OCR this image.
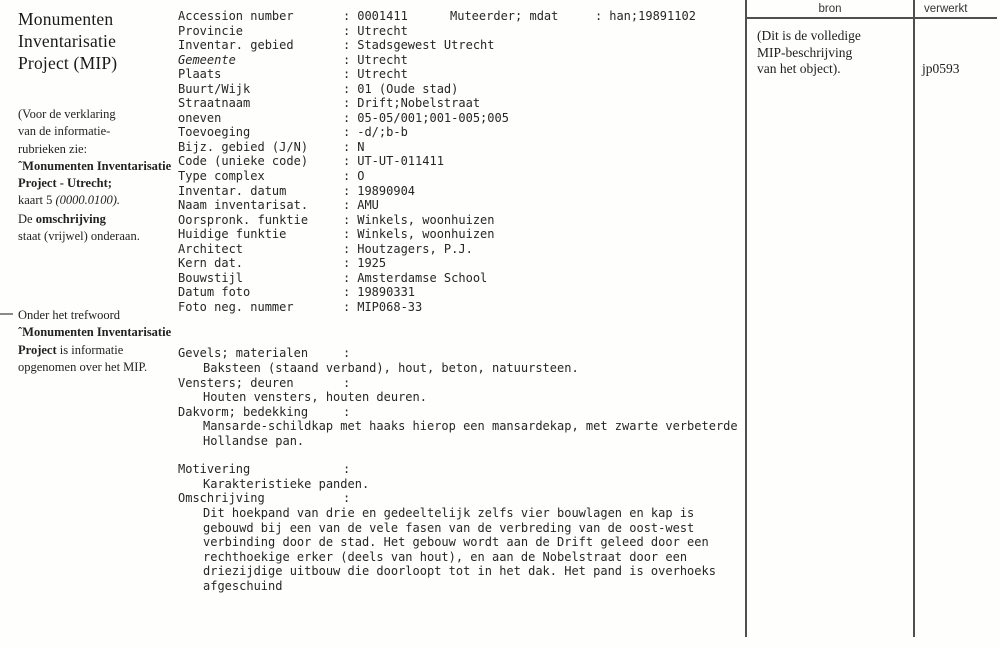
Monumenten
Inventarisatie
Project (MIP)
(Voor de verklaring
van de informatie-
rubrieken zie:
ˆMonumenten Inventarisatie
Project - Utrecht;
kaart 5 (0000.0100).
De omschrijving
staat (vrijwel) onderaan.
Onder het trefwoord
ˆMonumenten Inventarisatie
Project is informatie
opgenomen over het MIP.
Muteerder; mdat	: han;19891102
Accession number	: 0001411
Provincie	: Utrecht
Inventar. gebied	: Stadsgewest Utrecht
Gemeente	: Utrecht
Plaats	: Utrecht
Buurt/Wijk	: 01 (Oude stad)
Straatnaam	: Drift;Nobelstraat
oneven	: 05-05/001;001-005;005
Toevoeging	: -d/;b-b
Bijz. gebied (J/N)	: N
Code (unieke code)	: UT-UT-011411
Type complex	: O
Inventar. datum	: 19890904
Naam inventarisat.	: AMU
Oorspronk. funktie	: Winkels, woonhuizen
Huidige funktie	: Winkels, woonhuizen
Architect	: Houtzagers, P.J.
Kern dat.	: 1925
Bouwstijl	: Amsterdamse School
Datum foto	: 19890331
Foto neg. nummer	: MIP068-33
Gevels; materialen	:
Baksteen (staand verband), hout, beton, natuursteen.
Vensters; deuren	:
Houten vensters, houten deuren.
Dakvorm; bedekking	:
Mansarde-schildkap met haaks hierop een mansardekap, met zwarte verbeterde
Hollandse pan.
Motivering	:
Karakteristieke panden.
Omschrijving	:
Dit hoekpand van drie en gedeeltelijk zelfs vier bouwlagen en kap is
gebouwd bij een van de vele fasen van de verbreding van de oost-west
verbinding door de stad. Het gebouw wordt aan de Drift geleed door een
rechthoekige erker (deels van hout), en aan de Nobelstraat door een
driezijdige uitbouw die doorloopt tot in het dak. Het pand is overhoeks
afgeschuind
bron	verwerkt
(Dit is de volledige
MIP-beschrijving
van het object).	jp0593
